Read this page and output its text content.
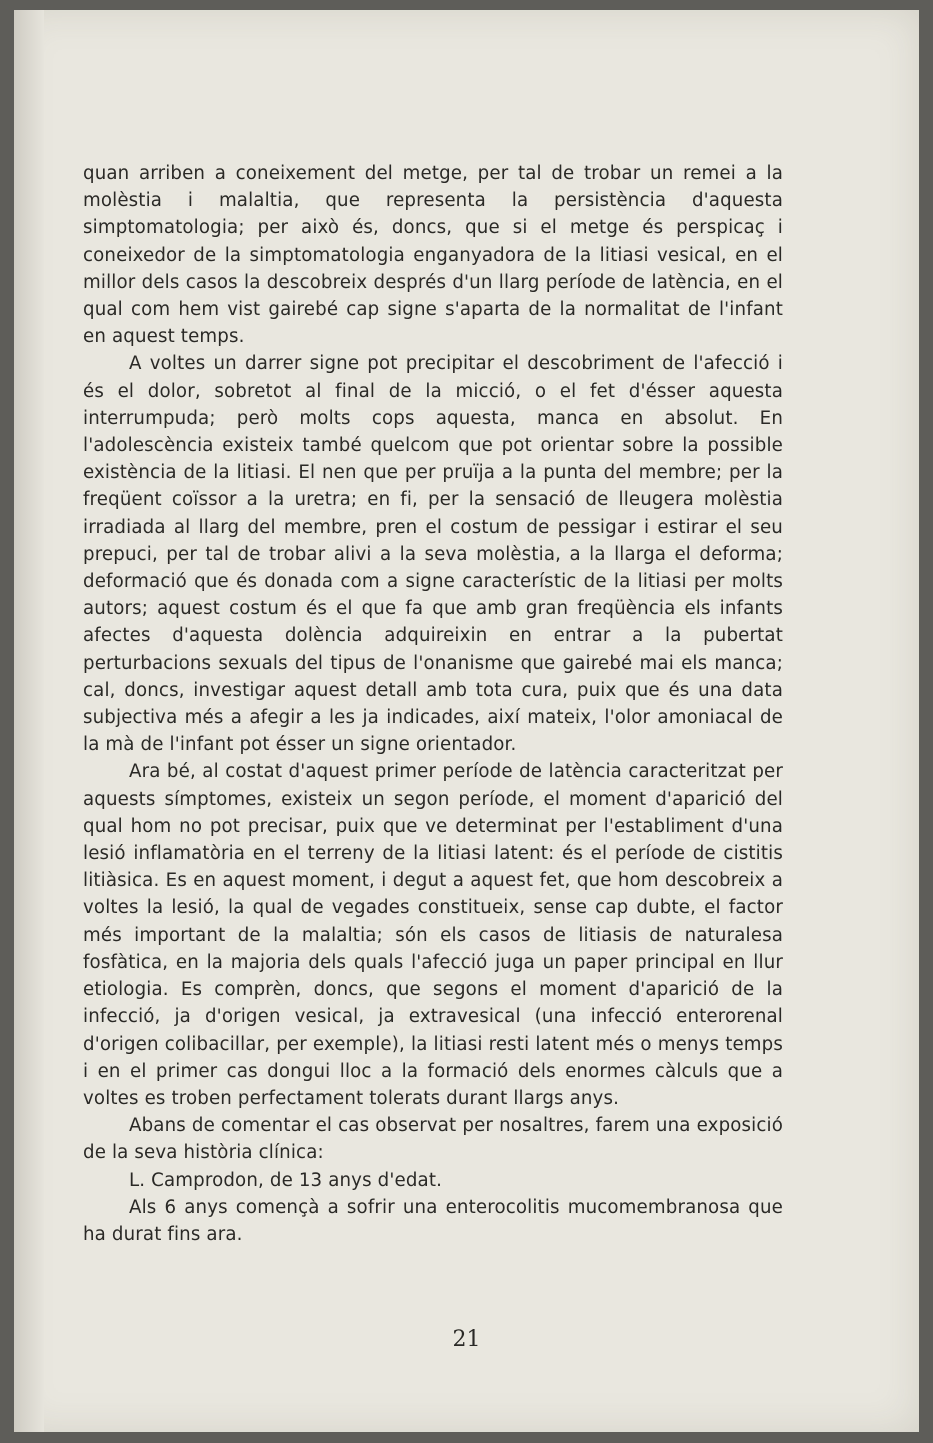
quan arriben a coneixement del metge, per tal de trobar un remei a la molèstia i malaltia, que representa la persistència d'aquesta simptomatologia; per això és, doncs, que si el metge és perspicaç i coneixedor de la simptomatologia enganyadora de la litiasi vesical, en el millor dels casos la descobreix després d'un llarg període de latència, en el qual com hem vist gairebé cap signe s'aparta de la normalitat de l'infant en aquest temps.

A voltes un darrer signe pot precipitar el descobriment de l'afecció i és el dolor, sobretot al final de la micció, o el fet d'ésser aquesta interrumpuda; però molts cops aquesta, manca en absolut. En l'adolescència existeix també quelcom que pot orientar sobre la possible existència de la litiasi. El nen que per pruïja a la punta del membre; per la freqüent coïssor a la uretra; en fi, per la sensació de lleugera molèstia irradiada al llarg del membre, pren el costum de pessigar i estirar el seu prepuci, per tal de trobar alivi a la seva molèstia, a la llarga el deforma; deformació que és donada com a signe característic de la litiasi per molts autors; aquest costum és el que fa que amb gran freqüència els infants afectes d'aquesta dolència adquireixin en entrar a la pubertat perturbacions sexuals del tipus de l'onanisme que gairebé mai els manca; cal, doncs, investigar aquest detall amb tota cura, puix que és una data subjectiva més a afegir a les ja indicades, així mateix, l'olor amoniacal de la mà de l'infant pot ésser un signe orientador.

Ara bé, al costat d'aquest primer període de latència caracteritzat per aquests símptomes, existeix un segon període, el moment d'aparició del qual hom no pot precisar, puix que ve determinat per l'establiment d'una lesió inflamatòria en el terreny de la litiasi latent: és el període de cistitis litiàsica. Es en aquest moment, i degut a aquest fet, que hom descobreix a voltes la lesió, la qual de vegades constitueix, sense cap dubte, el factor més important de la malaltia; són els casos de litiasis de naturalesa fosfàtica, en la majoria dels quals l'afecció juga un paper principal en llur etiologia. Es comprèn, doncs, que segons el moment d'aparició de la infecció, ja d'origen vesical, ja extravesical (una infecció enterorenal d'origen colibacillar, per exemple), la litiasi resti latent més o menys temps i en el primer cas dongui lloc a la formació dels enormes càlculs que a voltes es troben perfectament tolerats durant llargs anys.

Abans de comentar el cas observat per nosaltres, farem una exposició de la seva història clínica:

L. Camprodon, de 13 anys d'edat.

Als 6 anys començà a sofrir una enterocolitis mucomembranosa que ha durat fins ara.

21
